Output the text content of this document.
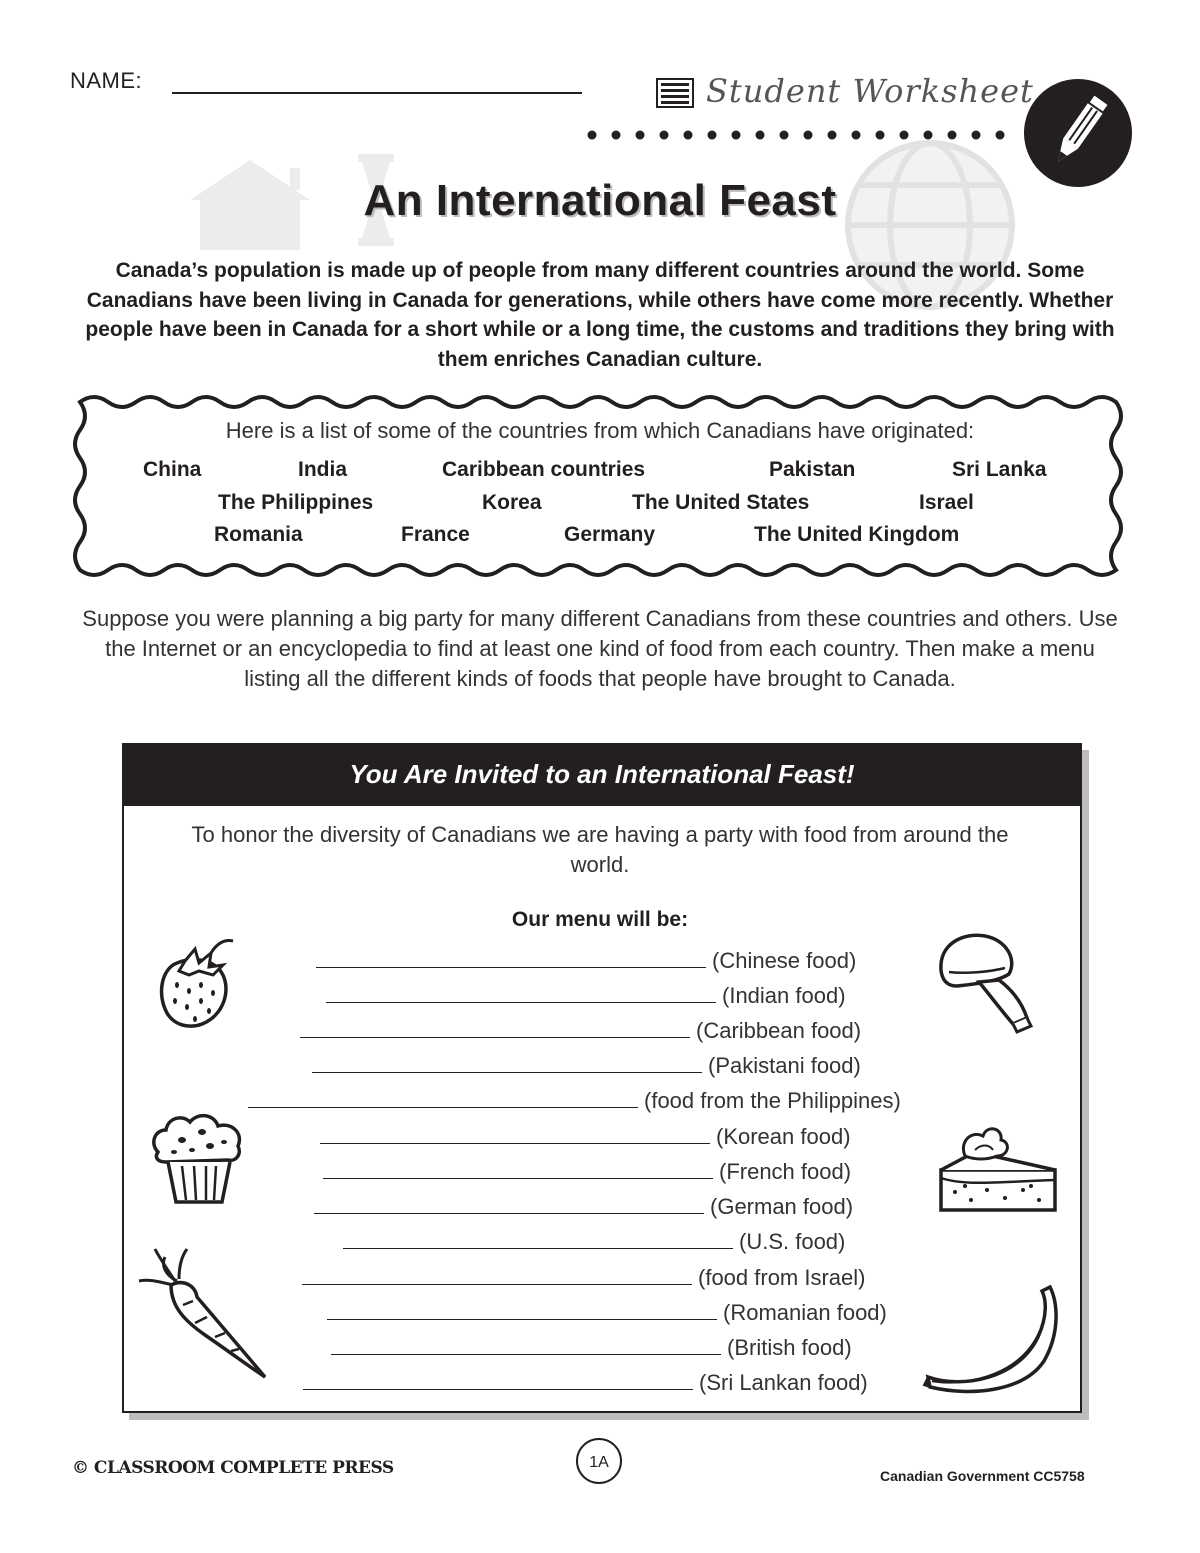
NAME:	Student Worksheet
An International Feast
Canada’s population is made up of people from many different countries around the world. Some Canadians have been living in Canada for generations, while others have come more recently. Whether people have been in Canada for a short while or a long time, the customs and traditions they bring with them enriches Canadian culture.
Here is a list of some of the countries from which Canadians have originated:
China	India	Caribbean countries	Pakistan	Sri Lanka
The Philippines	Korea	The United States	Israel
Romania	France	Germany	The United Kingdom
Suppose you were planning a big party for many different Canadians from these countries and others. Use the Internet or an encyclopedia to find at least one kind of food from each country. Then make a menu listing all the different kinds of foods that people have brought to Canada.
You Are Invited to an International Feast!
To honor the diversity of Canadians we are having a party with food from around the world.
Our menu will be:
(Chinese food)
(Indian food)
(Caribbean food)
(Pakistani food)
(food from the Philippines)
(Korean food)
(French food)
(German food)
(U.S. food)
(food from Israel)
(Romanian food)
(British food)
(Sri Lankan food)
© CLASSROOM COMPLETE PRESS	1A
Canadian Government CC5758
